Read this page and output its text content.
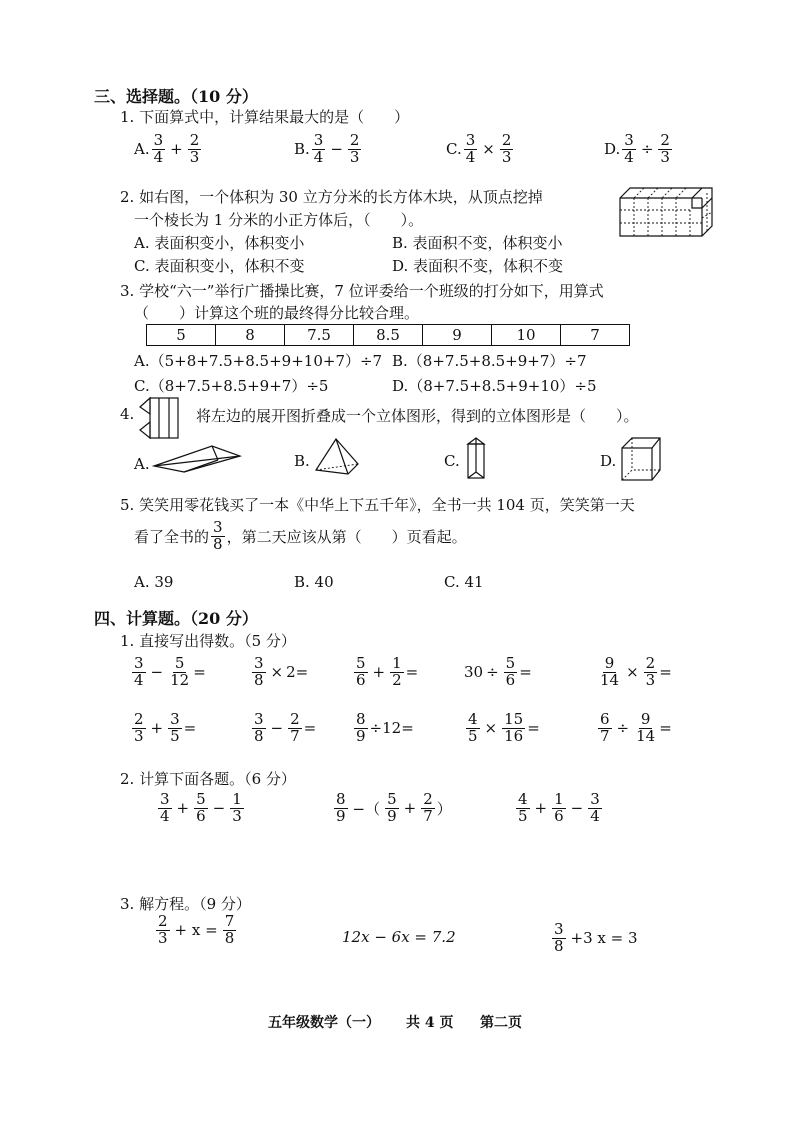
三、选择题。（10 分）
1. 下面算式中，计算结果最大的是（　　）
A. $\frac{3}{4} + \frac{2}{3}$	B. $\frac{3}{4} - \frac{2}{3}$	C. $\frac{3}{4} \times \frac{2}{3}$	D. $\frac{3}{4} \div \frac{2}{3}$
2. 如右图，一个体积为 30 立方分米的长方体木块，从顶点挖掉
一个棱长为 1 分米的小正方体后，（　　）。
A. 表面积变小，体积变小	B. 表面积不变，体积变小
C. 表面积变小，体积不变	D. 表面积不变，体积不变
3. 学校“六一”举行广播操比赛，7 位评委给一个班级的打分如下，用算式
（　　）计算这个班的最终得分比较合理。
5	8	7.5	8.5	9	10	7
A.（5+8+7.5+8.5+9+10+7）÷7 B.（8+7.5+8.5+9+7）÷7
C.（8+7.5+8.5+9+7）÷5	D.（8+7.5+8.5+9+10）÷5
4.	将左边的展开图折叠成一个立体图形，得到的立体图形是（　　）。
A.	B.	C.	D.
5. 笑笑用零花钱买了一本《中华上下五千年》，全书一共 104 页，笑笑第一天
看了全书的 $\frac{3}{8}$ ，第二天应该从第（　　）页看起。
A. 39	B. 40	C. 41
四、计算题。（20 分）
1. 直接写出得数。（5 分）
$\frac{3}{4} - \frac{5}{12}$ =	$\frac{3}{8} \times 2$ =	$\frac{5}{6} + \frac{1}{2}$ =	$30 \div \frac{5}{6}$ =	$\frac{9}{14} \times \frac{2}{3}$ =
$\frac{2}{3} + \frac{3}{5}$ =	$\frac{3}{8} - \frac{2}{7}$ =	$\frac{8}{9} \div 12$ =	$\frac{4}{5} \times \frac{15}{16}$ =	$\frac{6}{7} \div \frac{9}{14}$ =
2. 计算下面各题。（6 分）
$\frac{3}{4} + \frac{5}{6} - \frac{1}{3}$	$\frac{8}{9}$ −（ $\frac{5}{9} + \frac{2}{7}$ ）	$\frac{4}{5} + \frac{1}{6} - \frac{3}{4}$
3. 解方程。（9 分）
$\frac{2}{3} + x = \frac{7}{8}$	12x − 6x = 7.2	$\frac{3}{8} +3$ x = 3
五年级数学（一） 共 4 页 第二页
